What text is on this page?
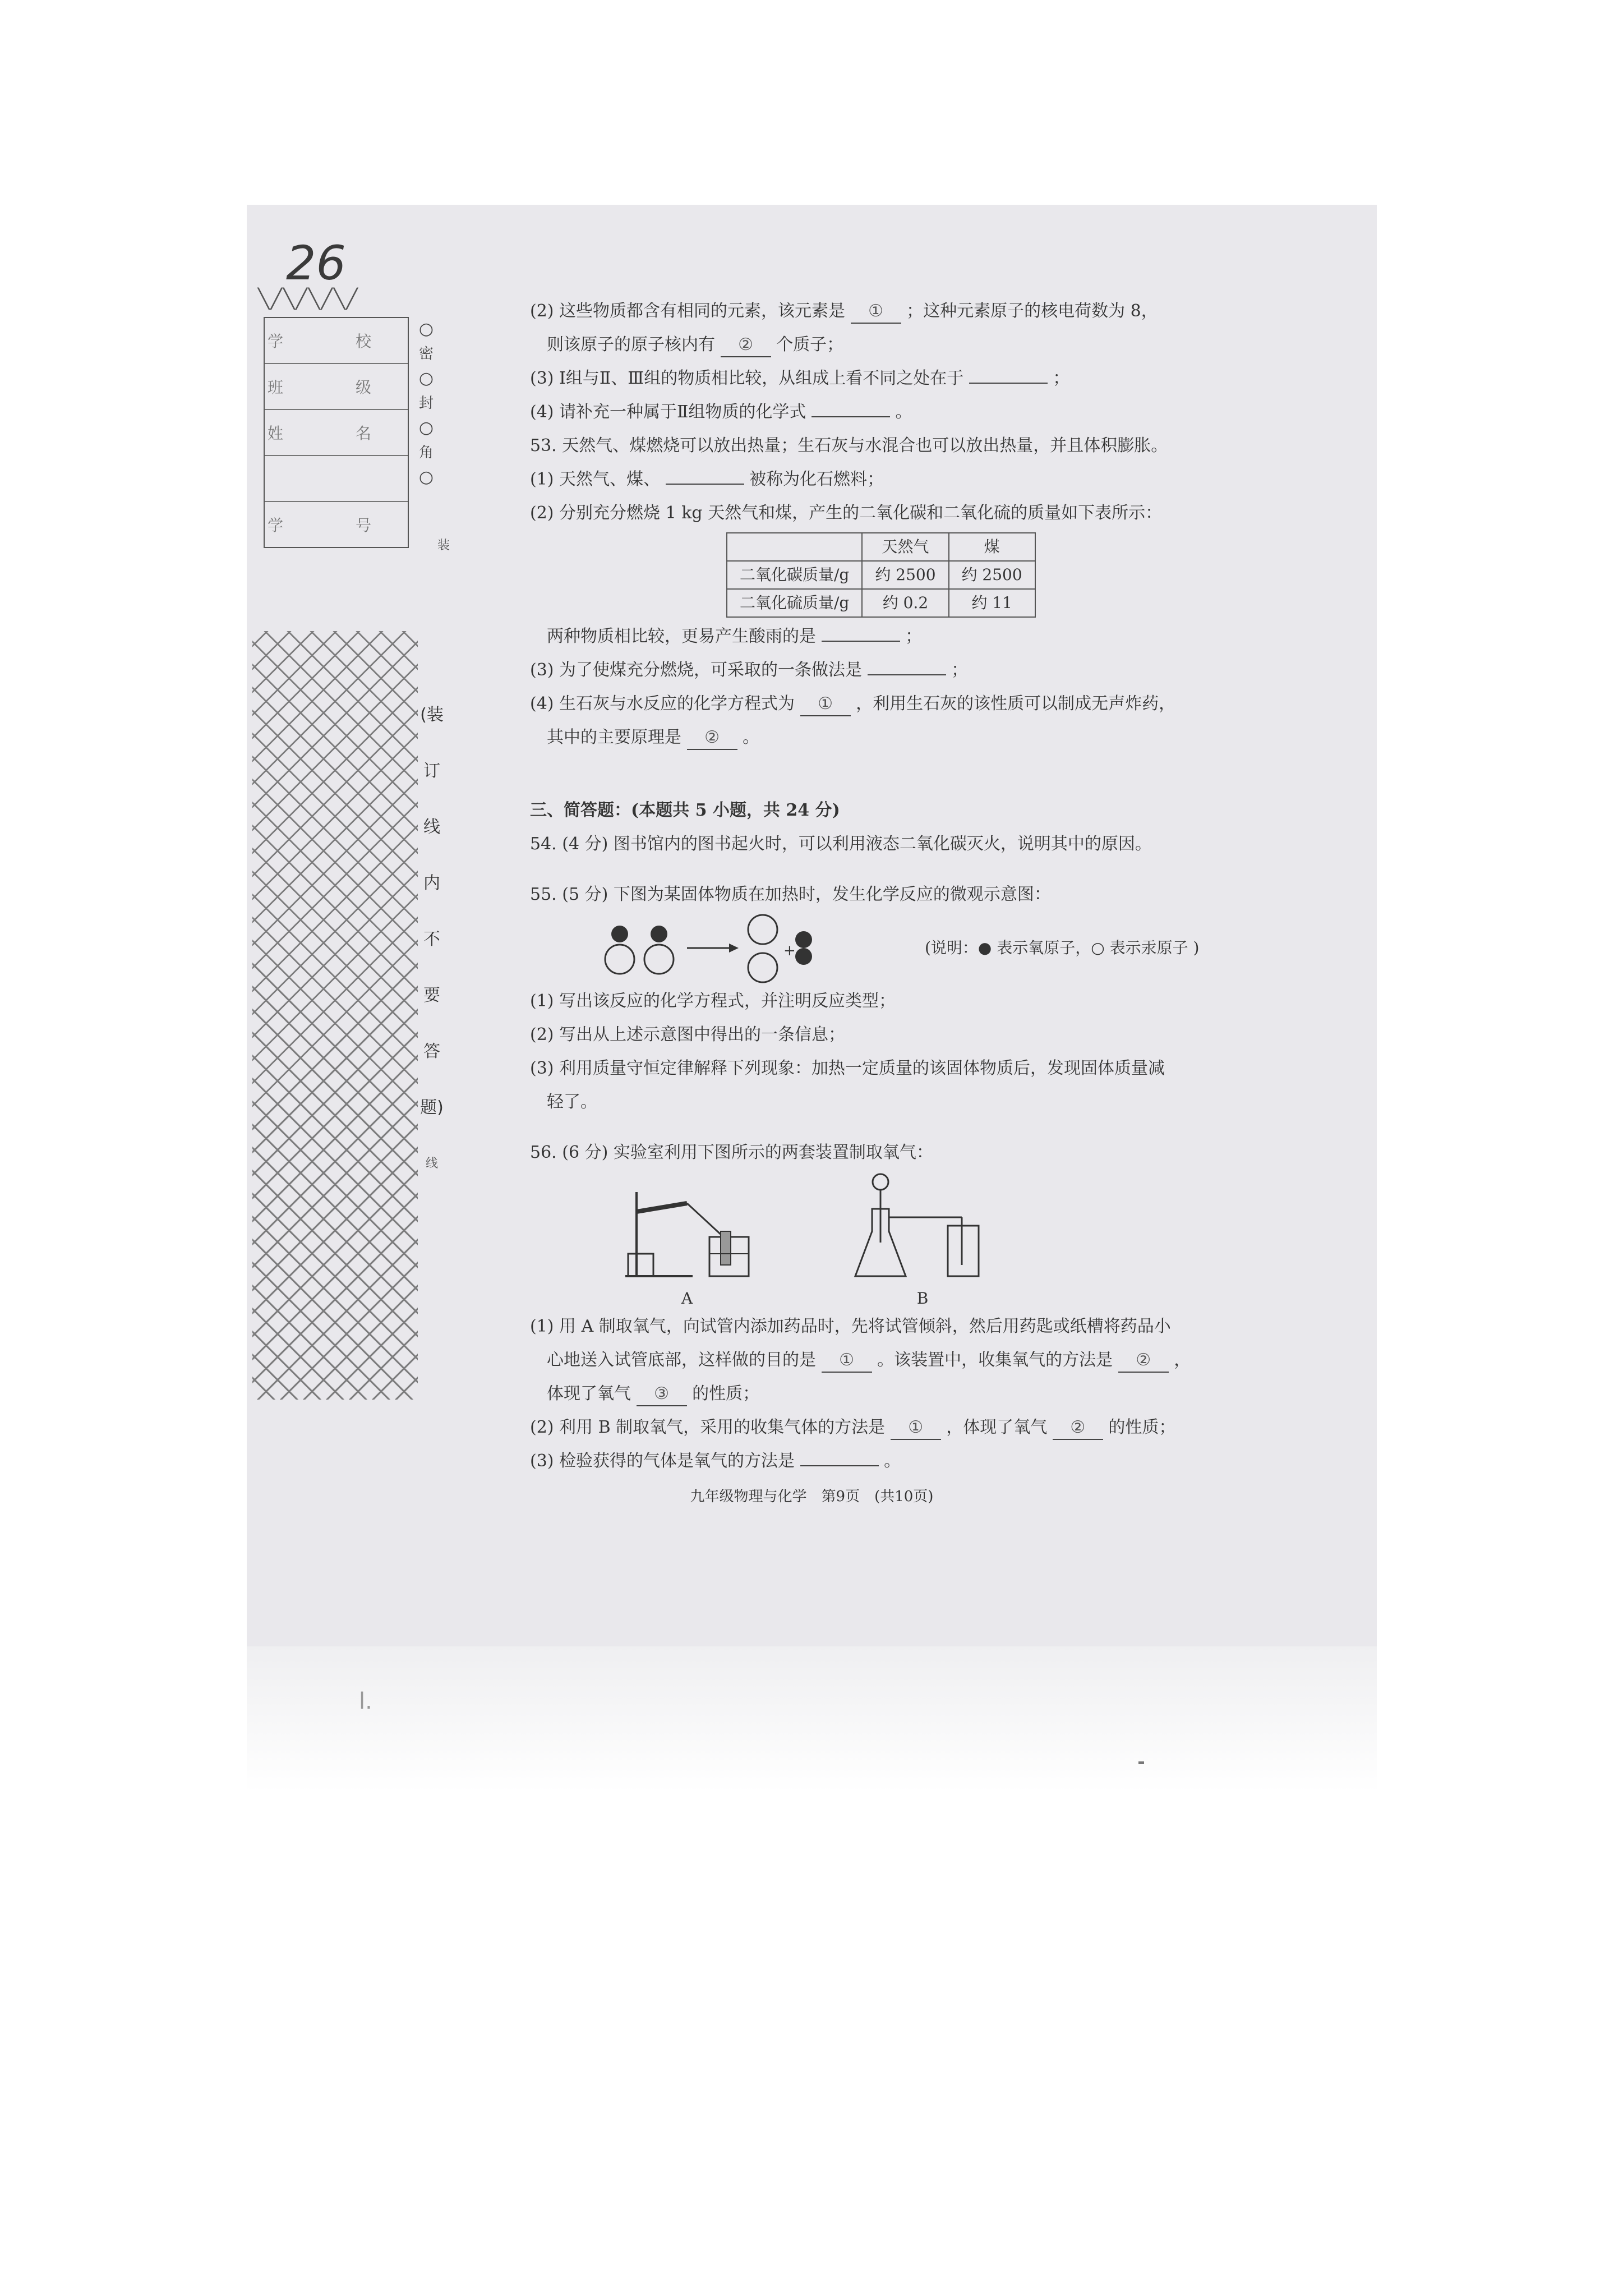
26
╲╱╲╱╲╱╲╱
学 校
班 级
姓 名
学 号
○
密
○
封
○
角
○
装
(装
订
线
内
不
要
答
题)
线
(2) 这些物质都含有相同的元素，该元素是 ① ；这种元素原子的核电荷数为 8，
则该原子的原子核内有 ② 个质子；
(3) Ⅰ组与Ⅱ、Ⅲ组的物质相比较，从组成上看不同之处在于	；
(4) 请补充一种属于Ⅱ组物质的化学式	。
53. 天然气、煤燃烧可以放出热量；生石灰与水混合也可以放出热量，并且体积膨胀。
(1) 天然气、煤、	被称为化石燃料；
(2) 分别充分燃烧 1 kg 天然气和煤，产生的二氧化碳和二氧化硫的质量如下表所示：
	天然气	煤
二氧化碳质量/g	约 2500	约 2500
二氧化硫质量/g	约 0.2	约 11
两种物质相比较，更易产生酸雨的是	；
(3) 为了使煤充分燃烧，可采取的一条做法是	；
(4) 生石灰与水反应的化学方程式为 ① ，利用生石灰的该性质可以制成无声炸药，
其中的主要原理是 ② 。
三、简答题：(本题共 5 小题，共 24 分)
54. (4 分) 图书馆内的图书起火时，可以利用液态二氧化碳灭火，说明其中的原因。
55. (5 分) 下图为某固体物质在加热时，发生化学反应的微观示意图：
+	(说明：● 表示氧原子，○ 表示汞原子 )
(1) 写出该反应的化学方程式，并注明反应类型；
(2) 写出从上述示意图中得出的一条信息；
(3) 利用质量守恒定律解释下列现象：加热一定质量的该固体物质后，发现固体质量减
轻了。
56. (6 分) 实验室利用下图所示的两套装置制取氧气：
A	B
(1) 用 A 制取氧气，向试管内添加药品时，先将试管倾斜，然后用药匙或纸槽将药品小
心地送入试管底部，这样做的目的是 ① 。该装置中，收集氧气的方法是 ② ，
体现了氧气 ③ 的性质；
(2) 利用 B 制取氧气，采用的收集气体的方法是 ① ，体现了氧气 ② 的性质；
(3) 检验获得的气体是氧气的方法是	。
九年级物理与化学　第9页　(共10页)
l.
